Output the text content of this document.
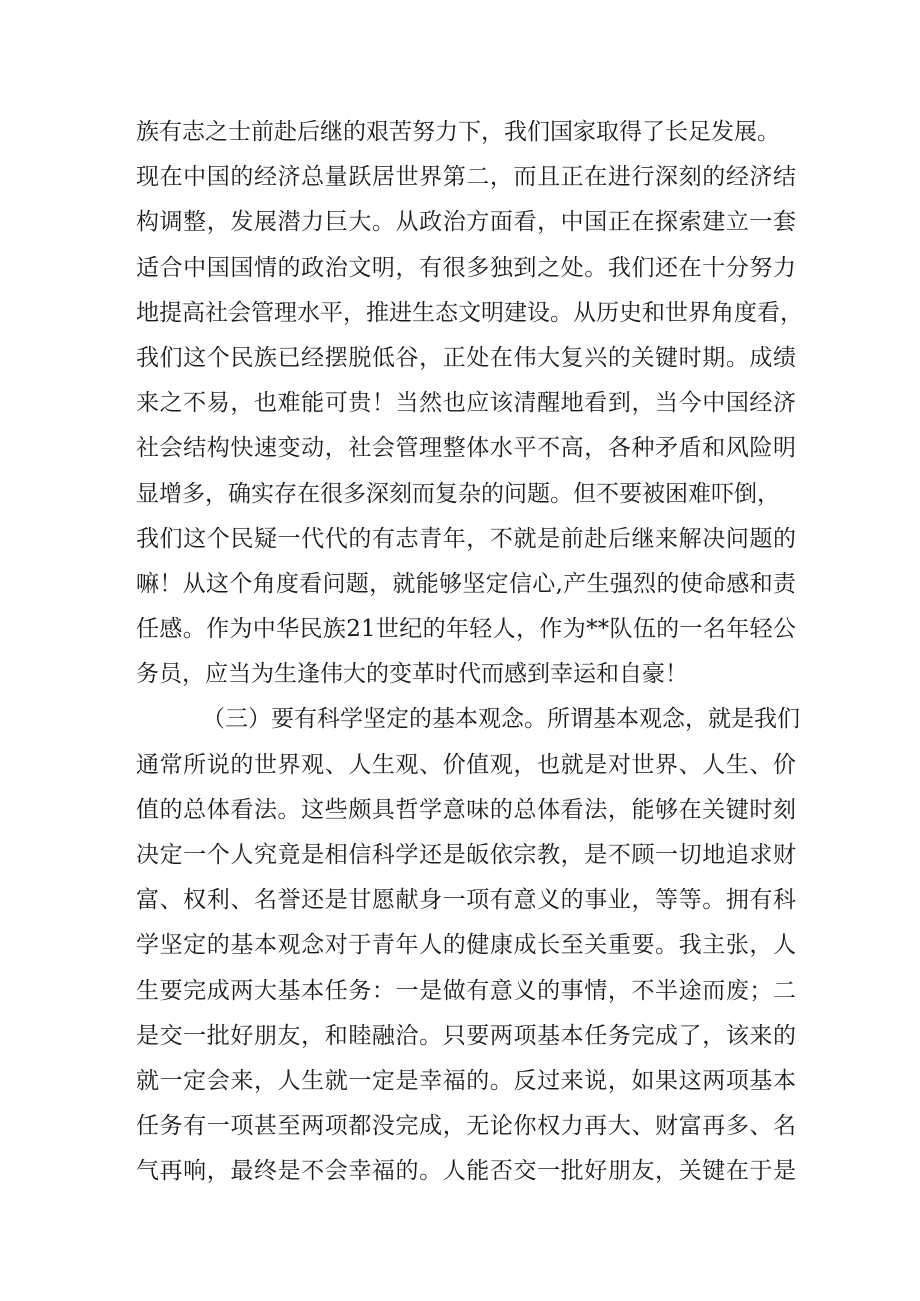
族有志之士前赴后继的艰苦努力下，我们国家取得了长足发展。
现在中国的经济总量跃居世界第二，而且正在进行深刻的经济结
构调整，发展潜力巨大。从政治方面看，中国正在探索建立一套
适合中国国情的政治文明，有很多独到之处。我们还在十分努力
地提高社会管理水平，推进生态文明建设。从历史和世界角度看，
我们这个民族已经摆脱低谷，正处在伟大复兴的关键时期。成绩
来之不易，也难能可贵！当然也应该清醒地看到，当今中国经济
社会结构快速变动，社会管理整体水平不高，各种矛盾和风险明
显增多，确实存在很多深刻而复杂的问题。但不要被困难吓倒，
我们这个民疑一代代的有志青年，不就是前赴后继来解决问题的
嘛！从这个角度看问题，就能够坚定信心,产生强烈的使命感和责
任感。作为中华民族21世纪的年轻人，作为**队伍的一名年轻公
务员，应当为生逢伟大的变革时代而感到幸运和自豪！
（三）要有科学坚定的基本观念。所谓基本观念，就是我们
通常所说的世界观、人生观、价值观，也就是对世界、人生、价
值的总体看法。这些颇具哲学意味的总体看法，能够在关键时刻
决定一个人究竟是相信科学还是皈依宗教，是不顾一切地追求财
富、权利、名誉还是甘愿献身一项有意义的事业，等等。拥有科
学坚定的基本观念对于青年人的健康成长至关重要。我主张，人
生要完成两大基本任务：一是做有意义的事情，不半途而废；二
是交一批好朋友，和睦融洽。只要两项基本任务完成了，该来的
就一定会来，人生就一定是幸福的。反过来说，如果这两项基本
任务有一项甚至两项都没完成，无论你权力再大、财富再多、名
气再响，最终是不会幸福的。人能否交一批好朋友，关键在于是
